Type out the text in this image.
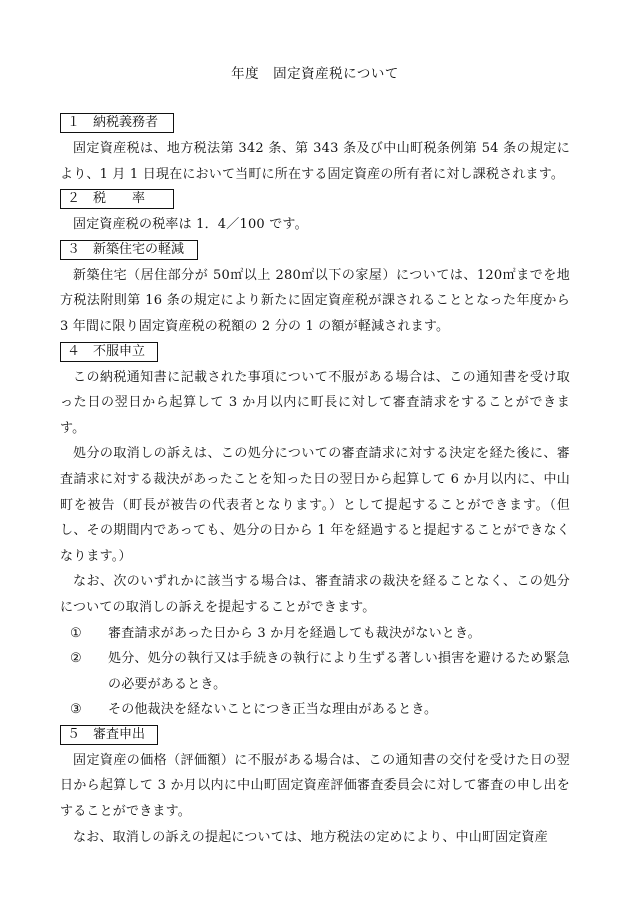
年度　固定資産税について
１　納税義務者

固定資産税は、地方税法第 342 条、第 343 条及び中山町税条例第 54 条の規定により、1 月 1 日現在において当町に所在する固定資産の所有者に対し課税されます。

２　税　　率

固定資産税の税率は 1．4／100 です。

３　新築住宅の軽減

新築住宅（居住部分が 50㎡以上 280㎡以下の家屋）については、120㎡までを地方税法附則第 16 条の規定により新たに固定資産税が課されることとなった年度から 3 年間に限り固定資産税の税額の 2 分の 1 の額が軽減されます。

４　不服申立

この納税通知書に記載された事項について不服がある場合は、この通知書を受け取った日の翌日から起算して 3 か月以内に町長に対して審査請求をすることができます。

処分の取消しの訴えは、この処分についての審査請求に対する決定を経た後に、審査請求に対する裁決があったことを知った日の翌日から起算して 6 か月以内に、中山町を被告（町長が被告の代表者となります。）として提起することができます。（但し、その期間内であっても、処分の日から 1 年を経過すると提起することができなくなります。）

なお、次のいずれかに該当する場合は、審査請求の裁決を経ることなく、この処分についての取消しの訴えを提起することができます。

① 審査請求があった日から 3 か月を経過しても裁決がないとき。

② 処分、処分の執行又は手続きの執行により生ずる著しい損害を避けるため緊急の必要があるとき。

③ その他裁決を経ないことにつき正当な理由があるとき。

５　審査申出

固定資産の価格（評価額）に不服がある場合は、この通知書の交付を受けた日の翌日から起算して 3 か月以内に中山町固定資産評価審査委員会に対して審査の申し出をすることができます。

なお、取消しの訴えの提起については、地方税法の定めにより、中山町固定資産
